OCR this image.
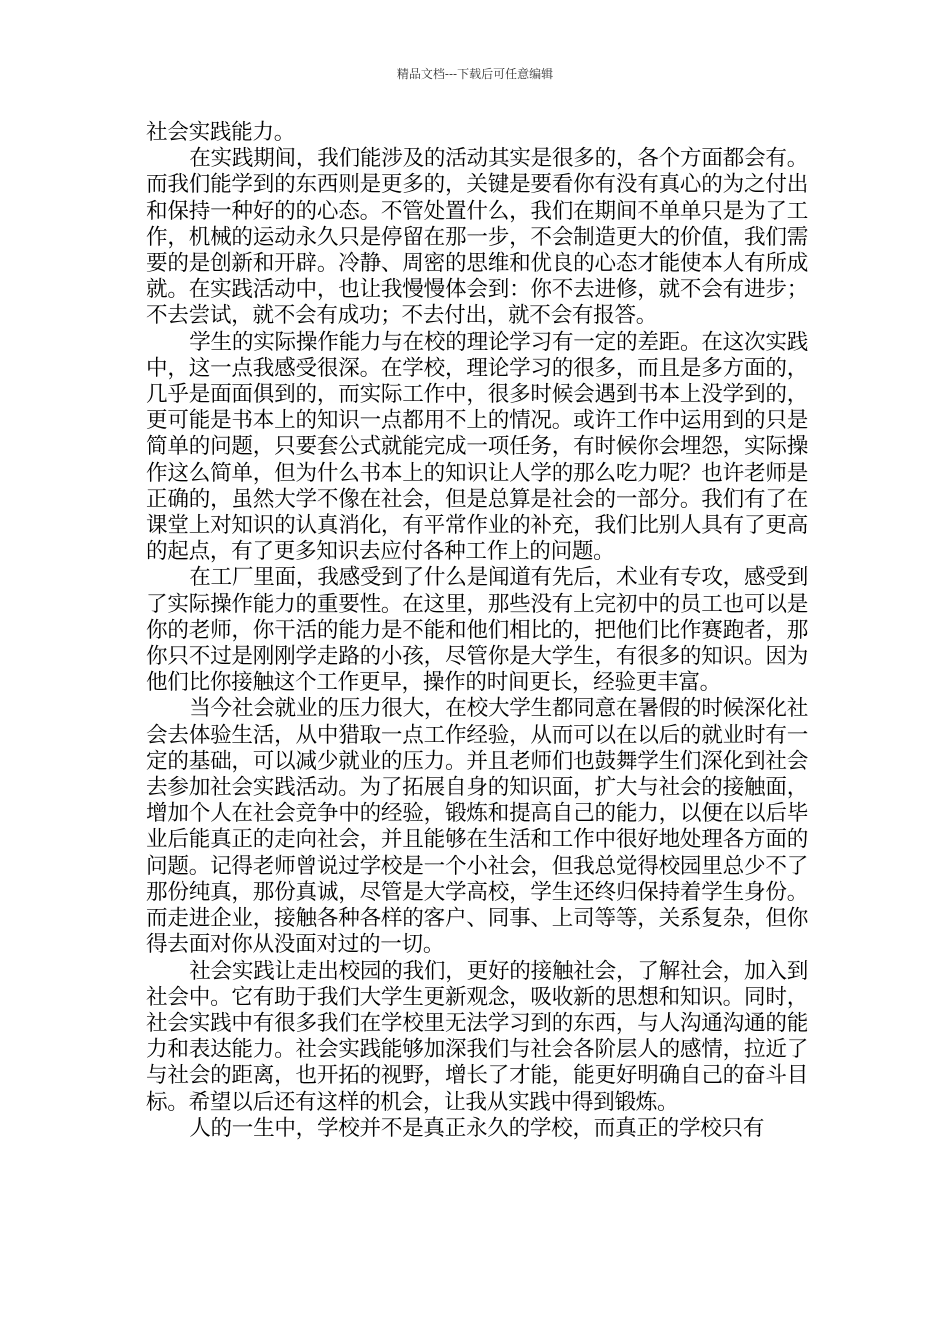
精品文档---下载后可任意编辑

社会实践能力。

在实践期间，我们能涉及的活动其实是很多的，各个方面都会有。而我们能学到的东西则是更多的，关键是要看你有没有真心的为之付出和保持一种好的的心态。不管处置什么，我们在期间不单单只是为了工作，机械的运动永久只是停留在那一步，不会制造更大的价值，我们需要的是创新和开辟。冷静、周密的思维和优良的心态才能使本人有所成就。在实践活动中，也让我慢慢体会到：你不去进修，就不会有进步；不去尝试，就不会有成功；不去付出，就不会有报答。

学生的实际操作能力与在校的理论学习有一定的差距。在这次实践中，这一点我感受很深。在学校，理论学习的很多，而且是多方面的，几乎是面面俱到的，而实际工作中，很多时候会遇到书本上没学到的，更可能是书本上的知识一点都用不上的情况。或许工作中运用到的只是简单的问题，只要套公式就能完成一项任务，有时候你会埋怨，实际操作这么简单，但为什么书本上的知识让人学的那么吃力呢？也许老师是正确的，虽然大学不像在社会，但是总算是社会的一部分。我们有了在课堂上对知识的认真消化，有平常作业的补充，我们比别人具有了更高的起点，有了更多知识去应付各种工作上的问题。

在工厂里面，我感受到了什么是闻道有先后，术业有专攻，感受到了实际操作能力的重要性。在这里，那些没有上完初中的员工也可以是你的老师，你干活的能力是不能和他们相比的，把他们比作赛跑者，那你只不过是刚刚学走路的小孩，尽管你是大学生，有很多的知识。因为他们比你接触这个工作更早，操作的时间更长，经验更丰富。

当今社会就业的压力很大，在校大学生都同意在暑假的时候深化社会去体验生活，从中猎取一点工作经验，从而可以在以后的就业时有一定的基础，可以减少就业的压力。并且老师们也鼓舞学生们深化到社会去参加社会实践活动。为了拓展自身的知识面，扩大与社会的接触面，增加个人在社会竞争中的经验，锻炼和提高自己的能力，以便在以后毕业后能真正的走向社会，并且能够在生活和工作中很好地处理各方面的问题。记得老师曾说过学校是一个小社会，但我总觉得校园里总少不了那份纯真，那份真诚，尽管是大学高校，学生还终归保持着学生身份。而走进企业，接触各种各样的客户、同事、上司等等，关系复杂，但你得去面对你从没面对过的一切。

社会实践让走出校园的我们，更好的接触社会，了解社会，加入到社会中。它有助于我们大学生更新观念，吸收新的思想和知识。同时，社会实践中有很多我们在学校里无法学习到的东西，与人沟通沟通的能力和表达能力。社会实践能够加深我们与社会各阶层人的感情，拉近了与社会的距离，也开拓的视野，增长了才能，能更好明确自己的奋斗目标。希望以后还有这样的机会，让我从实践中得到锻炼。

人的一生中，学校并不是真正永久的学校，而真正的学校只有
